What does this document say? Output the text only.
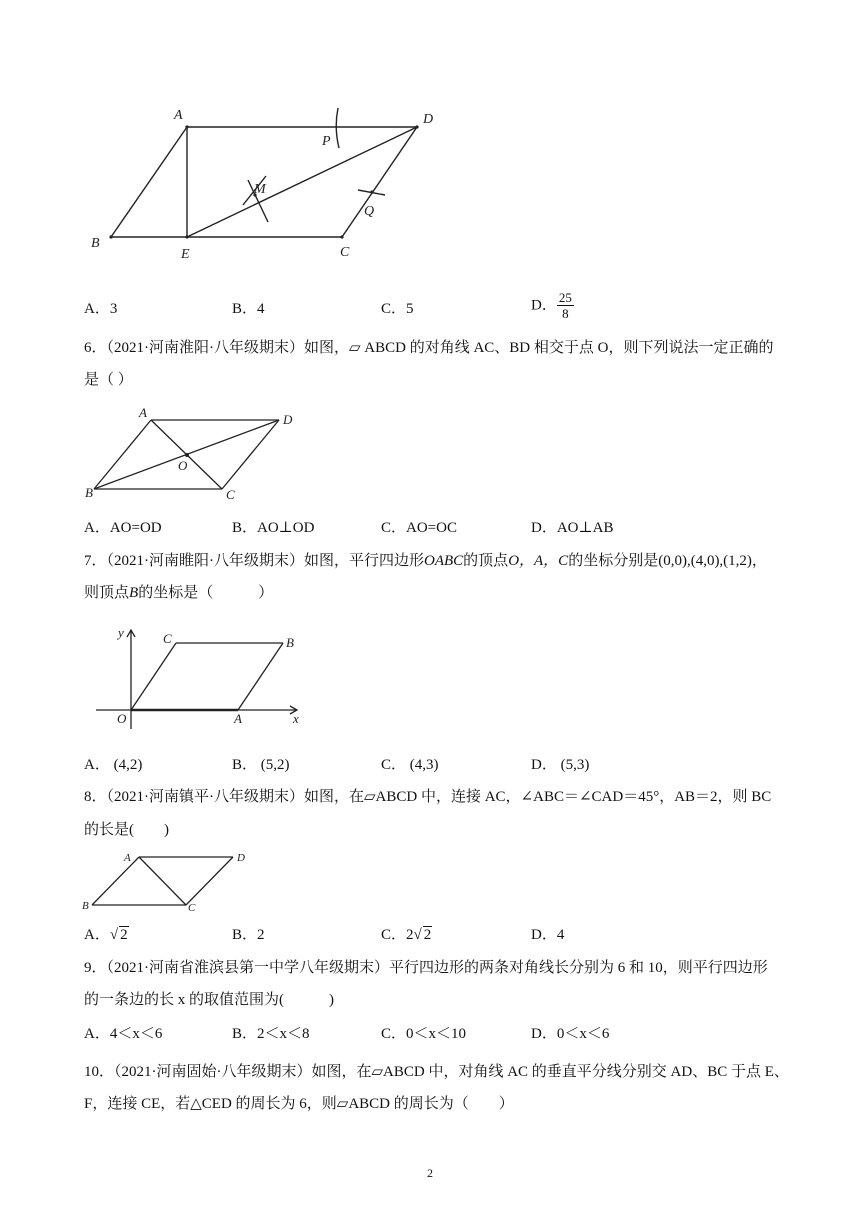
A	D
P
M
Q
B
E	C
A．3	B．4	C．5	D． $\frac{25}{8}$
6．（2021·河南淮阳·八年级期末）如图，▱ ABCD 的对角线 AC、BD 相交于点 O，则下列说法一定正确的
是（ ）
A	D
O
B	C
A．AO=OD	B．AO⊥OD	C．AO=OC	D．AO⊥AB
7．（2021·河南睢阳·八年级期末）如图，平行四边形OABC的顶点O，A，C的坐标分别是(0,0),(4,0),(1,2)，
则顶点B的坐标是（　　　）
y	C	B
O	A	x
A． (4,2)	B． (5,2)	C． (4,3)	D． (5,3)
8．（2021·河南镇平·八年级期末）如图，在▱ABCD 中，连接 AC，∠ABC＝∠CAD＝45°，AB＝2，则 BC
的长是(　　)
A	D
B	C
A．√ 2	B．2	C．2√ 2	D．4
9．（2021·河南省淮滨县第一中学八年级期末）平行四边形的两条对角线长分别为 6 和 10，则平行四边形
的一条边的长 x 的取值范围为(　　　)
A．4＜x＜6	B．2＜x＜8	C．0＜x＜10	D．0＜x＜6
10．（2021·河南固始·八年级期末）如图，在▱ABCD 中，对角线 AC 的垂直平分线分别交 AD、BC 于点 E、
F，连接 CE，若△CED 的周长为 6，则▱ABCD 的周长为（　　）
2
